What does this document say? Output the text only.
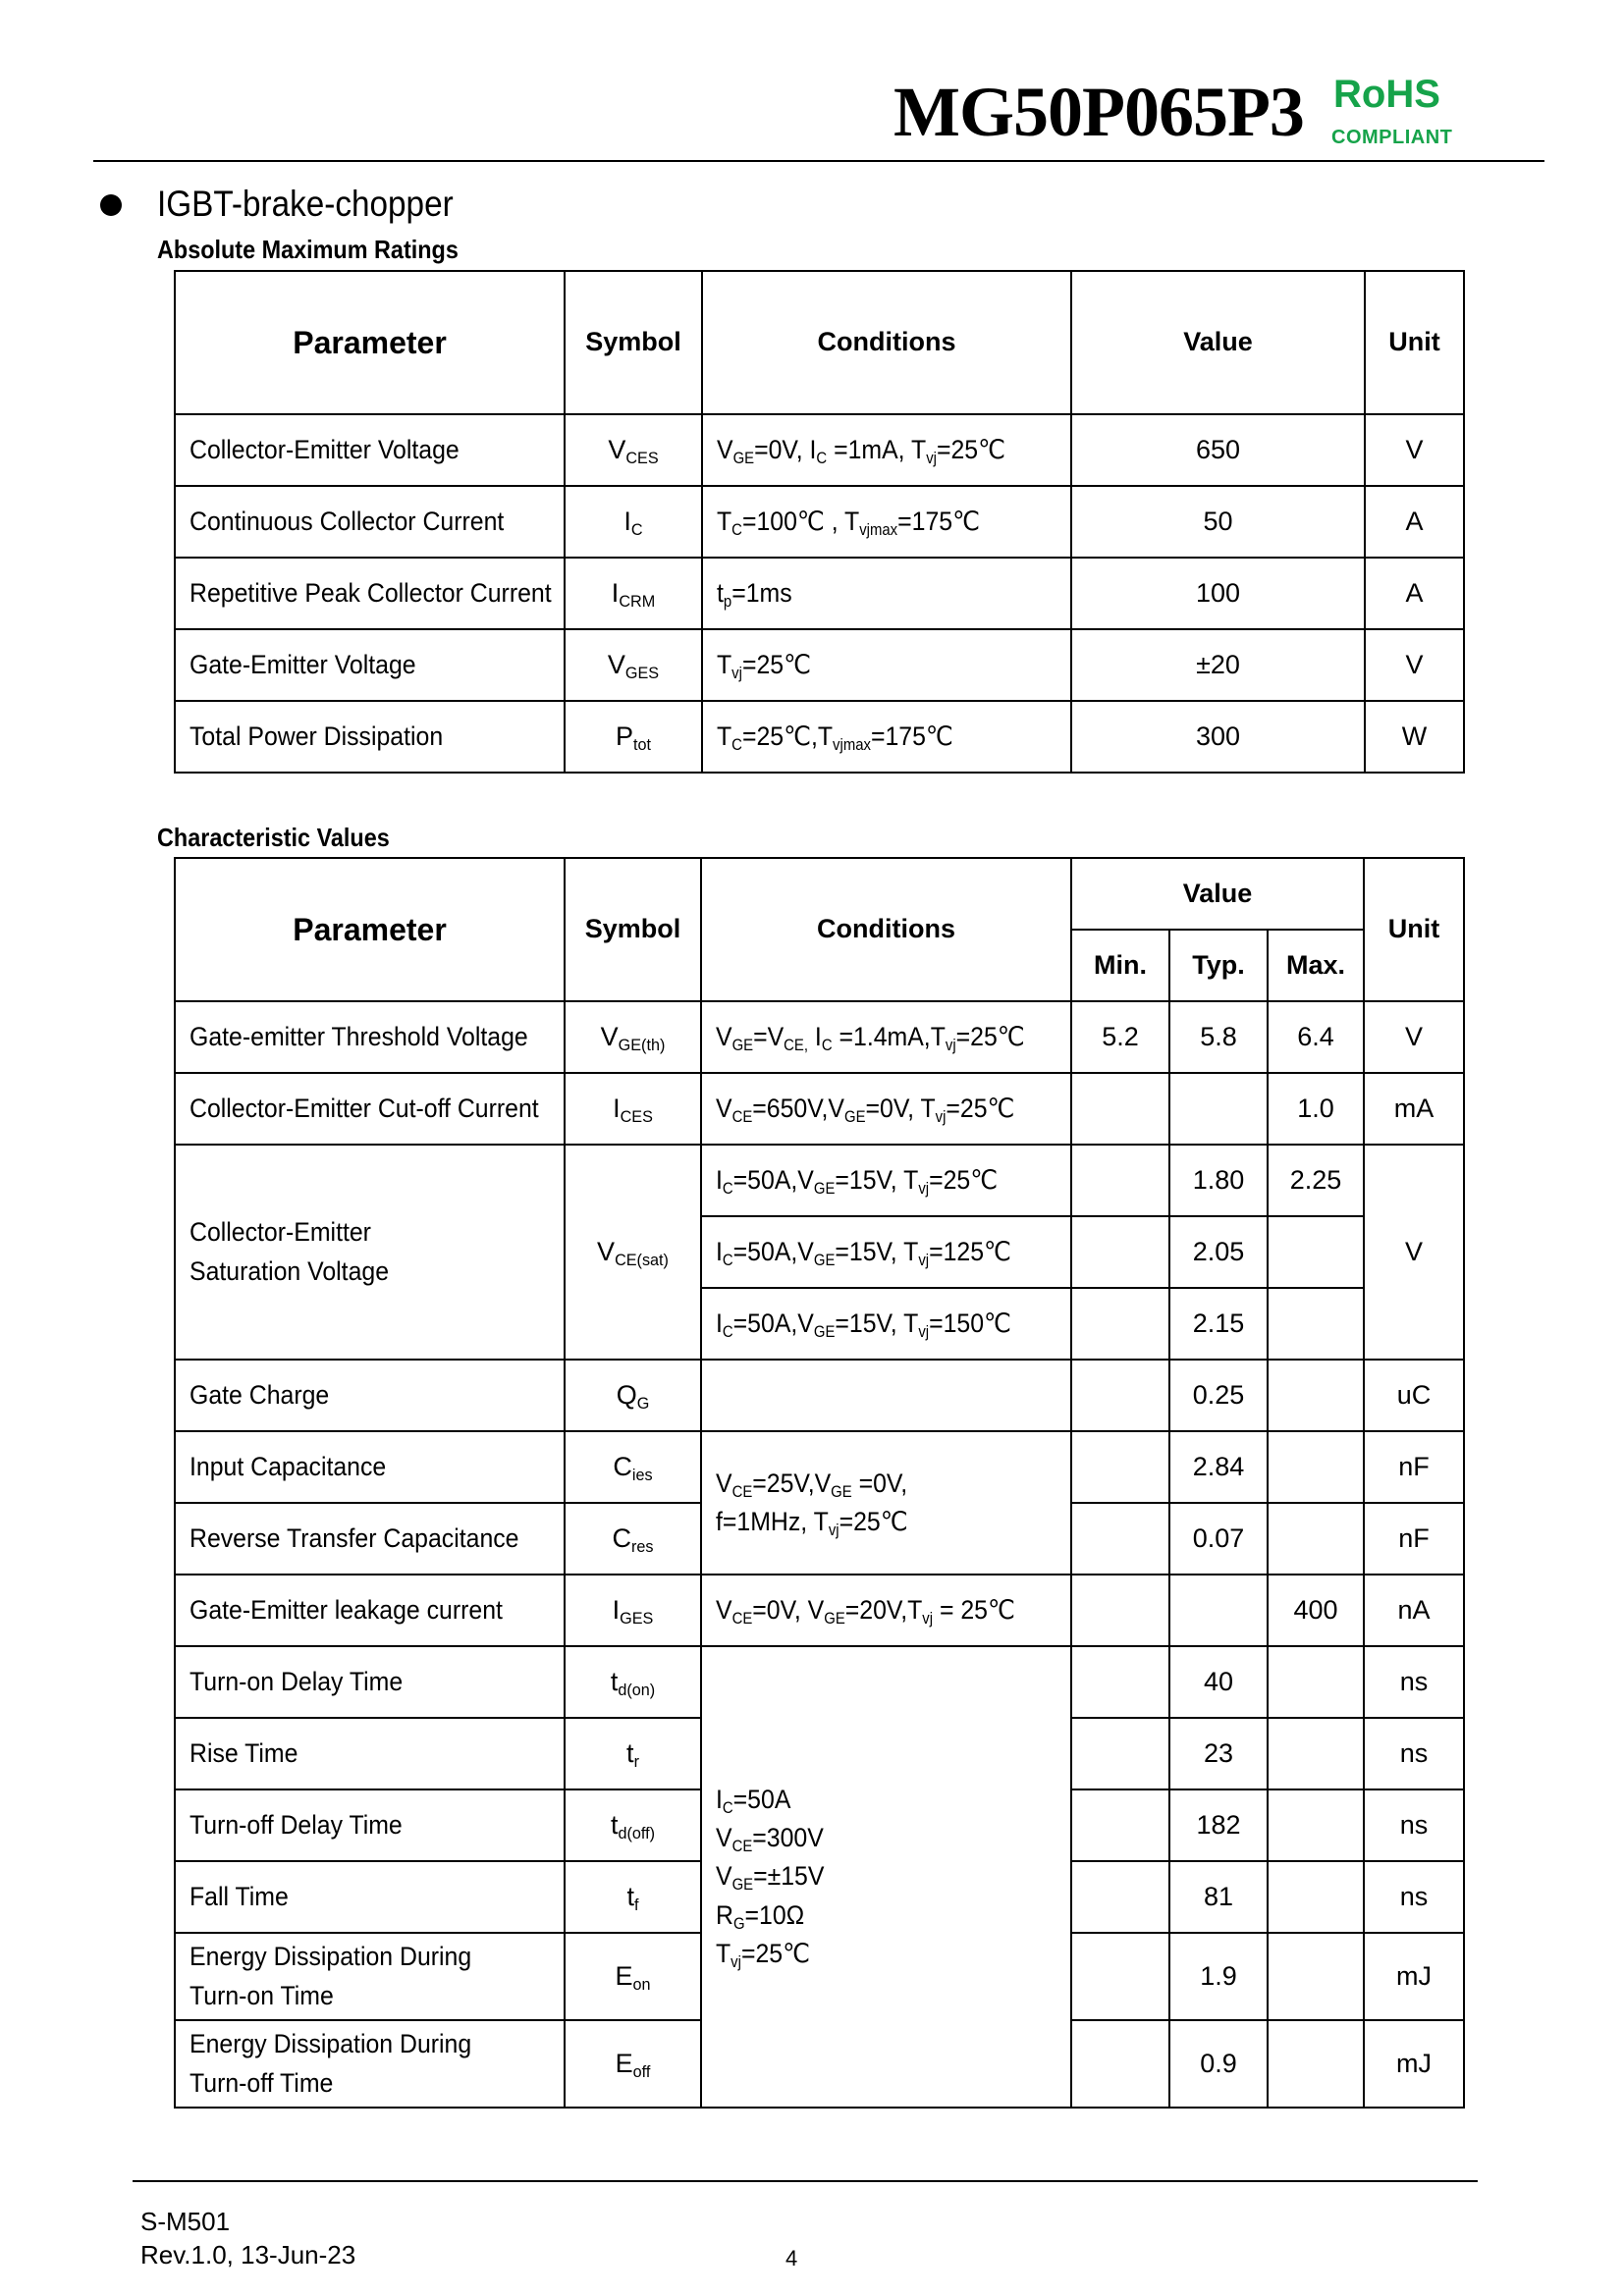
MG50P065P3 RoHS
COMPLIANT
IGBT-brake-chopper
Absolute Maximum Ratings
Parameter	Symbol	Conditions	Value	Unit
Collector-Emitter Voltage	$V_{CES}$	$V_{GE}=0V$, $I_C =1mA$, $T_{vj}=25℃$	650	V
Continuous Collector Current	$I_C$	$T_C=100℃$ , $T_{vjmax}=175℃$	50	A
Repetitive Peak Collector Current	$I_{CRM}$	$t_p=1ms$	100	A
Gate-Emitter Voltage	$V_{GES}$	$T_{vj}=25℃$	±20	V
Total Power Dissipation	$P_{tot}$	$T_C=25℃,T_{vjmax}=175℃$	300	W
Characteristic Values
Parameter	Symbol	Conditions	Value			Unit
			Min.	Typ.	Max.	
Gate-emitter Threshold Voltage	$V_{GE(th)}$	$V_{GE}=V_{CE,}$ $I_C$ $=1.4mA,T_{vj}=25℃$	5.2	5.8	6.4	V
Collector-Emitter Cut-off Current	$I_{CES}$	$V_{CE}=650V,V_{GE}=0V$, $T_{vj}=25℃$			1.0	mA
Collector-Emitter
Saturation Voltage	$V_{CE(sat)}$	$I_C=50A,V_{GE}=15V$, $T_{vj}=25℃$		1.80	2.25	V
		$I_C=50A,V_{GE}=15V$, $T_{vj}=125℃$		2.05		
		$I_C=50A,V_{GE}=15V$, $T_{vj}=150℃$		2.15		
Gate Charge	$Q_G$			0.25		uC
Input Capacitance	$C_{ies}$	$V_{CE}=25V,V_{GE} =0V$,
f=1MHz, $T_{vj}=25℃$		2.84		nF
Reverse Transfer Capacitance	$C_{res}$			0.07		nF
Gate-Emitter leakage current	$I_{GES}$	$V_{CE}=0V$, $V_{GE}=20V,T_{vj}$ = 25℃			400	nA
Turn-on Delay Time	$t_{d(on)}$	$I_C=50A$
$V_{CE}=300V$
$V_{GE}=\pm 15V$
$R_G=10\Omega$
$T_{vj}=25℃$		40		ns
Rise Time	$t_r$			23		ns
Turn-off Delay Time	$t_{d(off)}$			182		ns
Fall Time	$t_f$			81		ns
Energy Dissipation During
Turn-on Time	$E_{on}$			1.9		mJ
Energy Dissipation During
Turn-off Time	$E_{off}$			0.9		mJ
S-M501
Rev.1.0, 13-Jun-23	4
